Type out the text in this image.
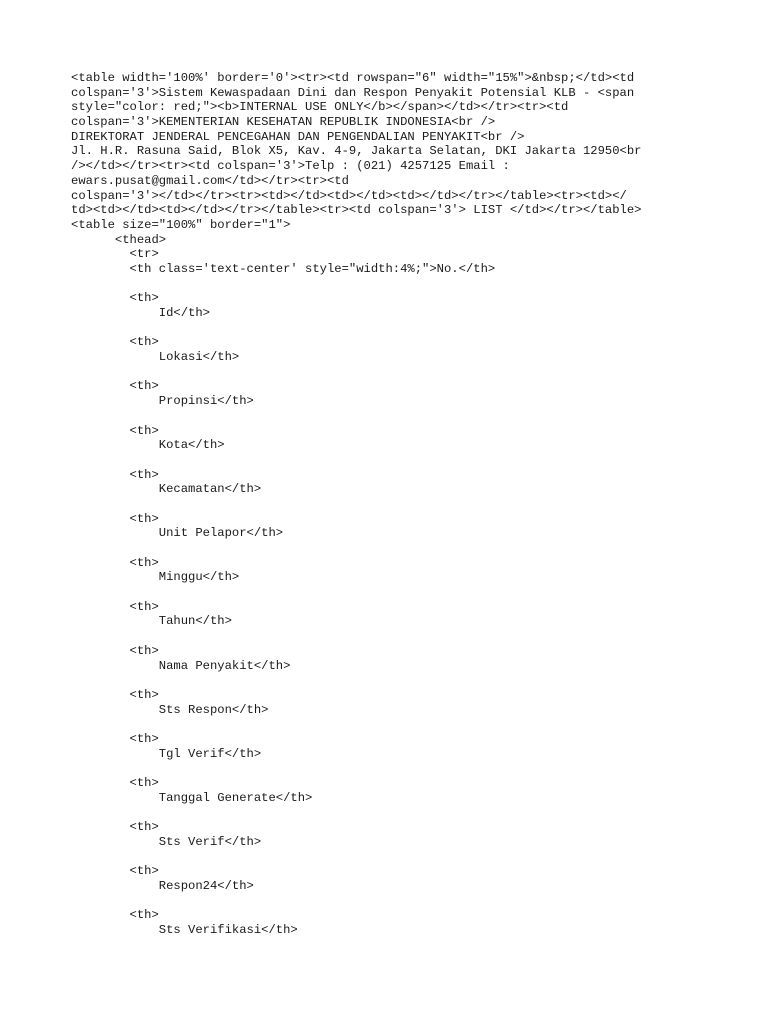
<table width='100%' border='0'><tr><td rowspan="6" width="15%">&nbsp;</td><td
colspan='3'>Sistem Kewaspadaan Dini dan Respon Penyakit Potensial KLB - <span
style="color: red;"><b>INTERNAL USE ONLY</b></span></td></tr><tr><td
colspan='3'>KEMENTERIAN KESEHATAN REPUBLIK INDONESIA<br />
DIREKTORAT JENDERAL PENCEGAHAN DAN PENGENDALIAN PENYAKIT<br />
Jl. H.R. Rasuna Said, Blok X5, Kav. 4-9, Jakarta Selatan, DKI Jakarta 12950<br
/></td></tr><tr><td colspan='3'>Telp : (021) 4257125 Email :
ewars.pusat@gmail.com</td></tr><tr><td
colspan='3'></td></tr><tr><td></td><td></td><td></td></tr></table><tr><td></
td><td></td><td></td></tr></table><tr><td colspan='3'> LIST </td></tr></table>
<table size="100%" border="1">
<thead>
<tr>
<th class='text-center' style="width:4%;">No.</th>
<th>
Id</th>
<th>
Lokasi</th>
<th>
Propinsi</th>
<th>
Kota</th>
<th>
Kecamatan</th>
<th>
Unit Pelapor</th>
<th>
Minggu</th>
<th>
Tahun</th>
<th>
Nama Penyakit</th>
<th>
Sts Respon</th>
<th>
Tgl Verif</th>
<th>
Tanggal Generate</th>
<th>
Sts Verif</th>
<th>
Respon24</th>
<th>
Sts Verifikasi</th>
